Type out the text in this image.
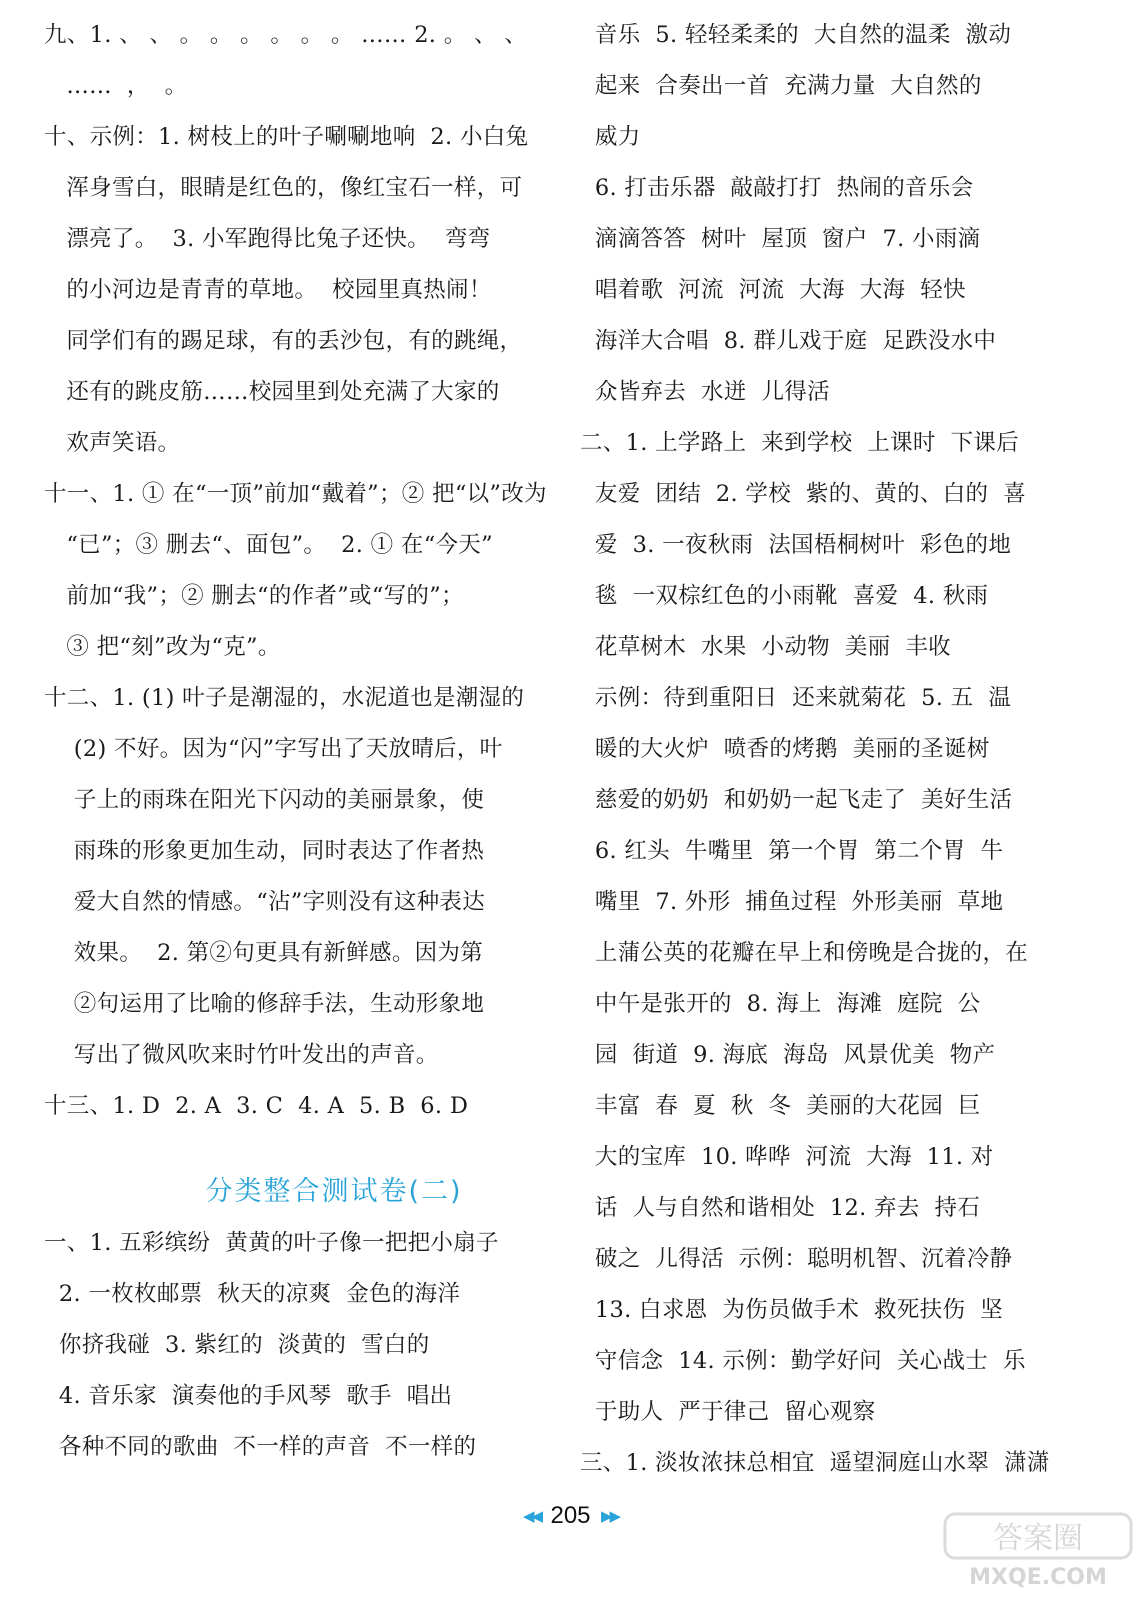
九、1. 、 、 。 。 。 。 。 。 …… 2. 。 、 、
……  ，  。
十、示例：1. 树枝上的叶子唰唰地响  2. 小白兔
浑身雪白，眼睛是红色的，像红宝石一样，可
漂亮了。  3. 小军跑得比兔子还快。  弯弯
的小河边是青青的草地。  校园里真热闹！
同学们有的踢足球，有的丢沙包，有的跳绳，
还有的跳皮筋……校园里到处充满了大家的
欢声笑语。
十一、1. ① 在“一顶”前加“戴着”；② 把“以”改为
“已”；③ 删去“、面包”。  2. ① 在“今天”
前加“我”；② 删去“的作者”或“写的”；
③ 把“刻”改为“克”。
十二、1. (1) 叶子是潮湿的，水泥道也是潮湿的
(2) 不好。因为“闪”字写出了天放晴后，叶
子上的雨珠在阳光下闪动的美丽景象，使
雨珠的形象更加生动，同时表达了作者热
爱大自然的情感。“沾”字则没有这种表达
效果。  2. 第②句更具有新鲜感。因为第
②句运用了比喻的修辞手法，生动形象地
写出了微风吹来时竹叶发出的声音。
十三、1. D  2. A  3. C  4. A  5. B  6. D
分类整合测试卷(二)
一、1. 五彩缤纷  黄黄的叶子像一把把小扇子
2. 一枚枚邮票  秋天的凉爽  金色的海洋
你挤我碰  3. 紫红的  淡黄的  雪白的
4. 音乐家  演奏他的手风琴  歌手  唱出
各种不同的歌曲  不一样的声音  不一样的
音乐  5. 轻轻柔柔的  大自然的温柔  激动
起来  合奏出一首  充满力量  大自然的
威力
6. 打击乐器  敲敲打打  热闹的音乐会
滴滴答答  树叶  屋顶  窗户  7. 小雨滴
唱着歌  河流  河流  大海  大海  轻快
海洋大合唱  8. 群儿戏于庭  足跌没水中
众皆弃去  水迸  儿得活
二、1. 上学路上  来到学校  上课时  下课后
友爱  团结  2. 学校  紫的、黄的、白的  喜
爱  3. 一夜秋雨  法国梧桐树叶  彩色的地
毯  一双棕红色的小雨靴  喜爱  4. 秋雨
花草树木  水果  小动物  美丽  丰收
示例：待到重阳日  还来就菊花  5. 五  温
暖的大火炉  喷香的烤鹅  美丽的圣诞树
慈爱的奶奶  和奶奶一起飞走了  美好生活
6. 红头  牛嘴里  第一个胃  第二个胃  牛
嘴里  7. 外形  捕鱼过程  外形美丽  草地
上蒲公英的花瓣在早上和傍晚是合拢的，在
中午是张开的  8. 海上  海滩  庭院  公
园  街道  9. 海底  海岛  风景优美  物产
丰富  春  夏  秋  冬  美丽的大花园  巨
大的宝库  10. 哗哗  河流  大海  11. 对
话  人与自然和谐相处  12. 弃去  持石
破之  儿得活  示例：聪明机智、沉着冷静
13. 白求恩  为伤员做手术  救死扶伤  坚
守信念  14. 示例：勤学好问  关心战士  乐
于助人  严于律己  留心观察
三、1. 淡妆浓抹总相宜  遥望洞庭山水翠  潇潇
◀◀ 205 ▶▶
答案圈
MXQE.COM
